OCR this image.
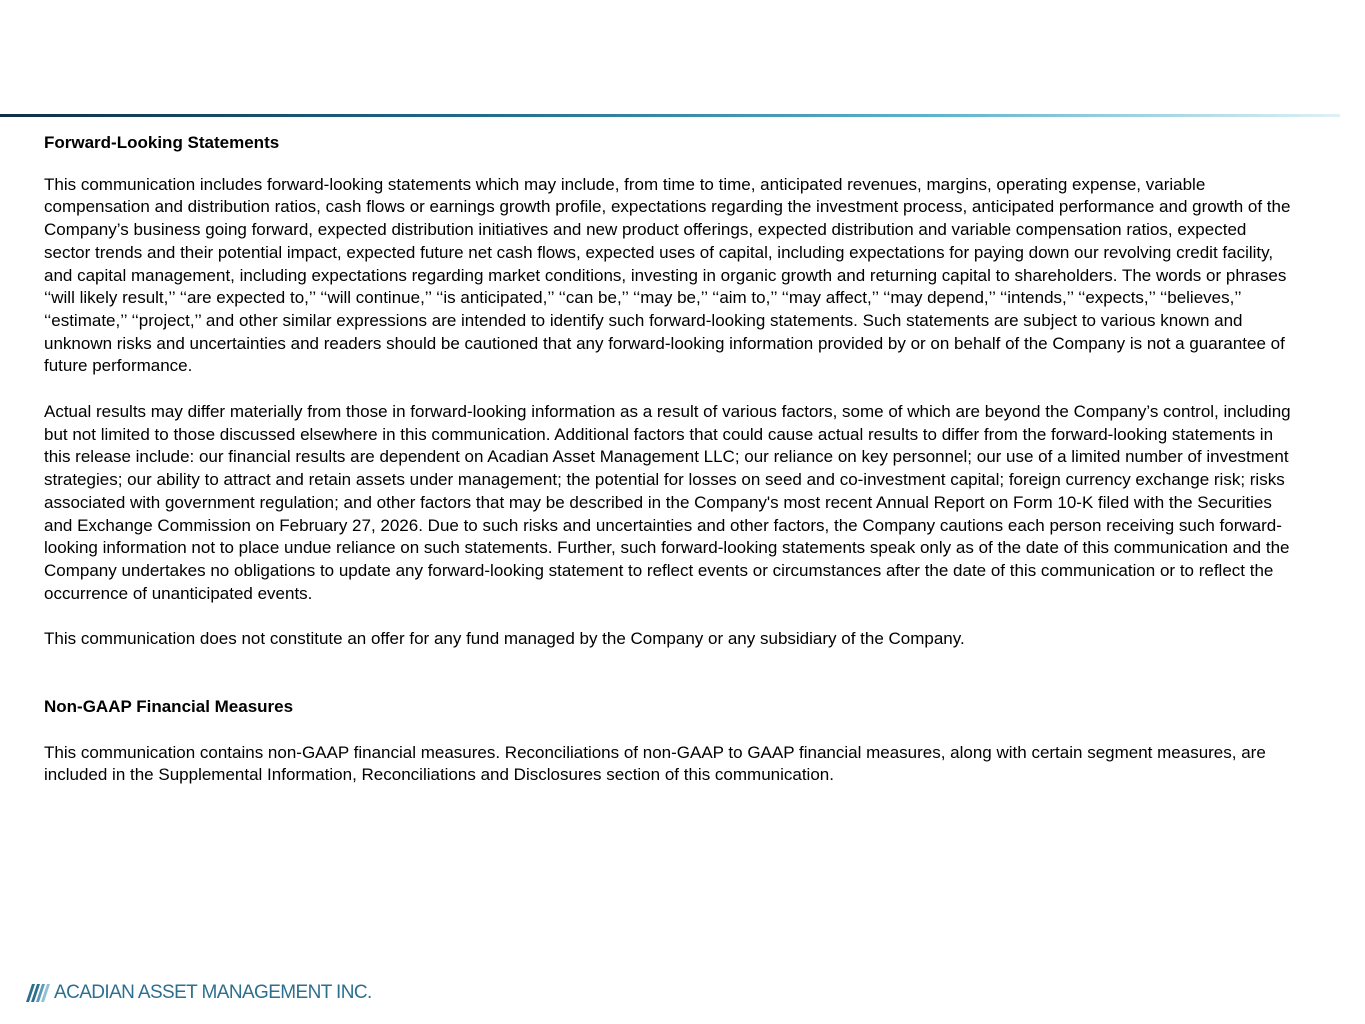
Forward-Looking Statements

This communication includes forward-looking statements which may include, from time to time, anticipated revenues, margins, operating expense, variable compensation and distribution ratios, cash flows or earnings growth profile, expectations regarding the investment process, anticipated performance and growth of the Company’s business going forward, expected distribution initiatives and new product offerings, expected distribution and variable compensation ratios, expected sector trends and their potential impact, expected future net cash flows, expected uses of capital, including expectations for paying down our revolving credit facility, and capital management, including expectations regarding market conditions, investing in organic growth and returning capital to shareholders. The words or phrases ‘‘will likely result,’’ ‘‘are expected to,’’ ‘‘will continue,’’ ‘‘is anticipated,’’ ‘‘can be,’’ ‘‘may be,’’ ‘‘aim to,’’ ‘‘may affect,’’ ‘‘may depend,’’ ‘‘intends,’’ ‘‘expects,’’ ‘‘believes,’’ ‘‘estimate,’’ ‘‘project,’’ and other similar expressions are intended to identify such forward-looking statements. Such statements are subject to various known and unknown risks and uncertainties and readers should be cautioned that any forward-looking information provided by or on behalf of the Company is not a guarantee of future performance.

Actual results may differ materially from those in forward-looking information as a result of various factors, some of which are beyond the Company’s control, including but not limited to those discussed elsewhere in this communication. Additional factors that could cause actual results to differ from the forward-looking statements in this release include: our financial results are dependent on Acadian Asset Management LLC; our reliance on key personnel; our use of a limited number of investment strategies; our ability to attract and retain assets under management; the potential for losses on seed and co-investment capital; foreign currency exchange risk; risks associated with government regulation; and other factors that may be described in the Company's most recent Annual Report on Form 10-K filed with the Securities and Exchange Commission on February 27, 2026. Due to such risks and uncertainties and other factors, the Company cautions each person receiving such forward-looking information not to place undue reliance on such statements. Further, such forward-looking statements speak only as of the date of this communication and the Company undertakes no obligations to update any forward-looking statement to reflect events or circumstances after the date of this communication or to reflect the occurrence of unanticipated events.

This communication does not constitute an offer for any fund managed by the Company or any subsidiary of the Company.

Non-GAAP Financial Measures

This communication contains non-GAAP financial measures. Reconciliations of non-GAAP to GAAP financial measures, along with certain segment measures, are included in the Supplemental Information, Reconciliations and Disclosures section of this communication.

ACADIAN ASSET MANAGEMENT INC.
